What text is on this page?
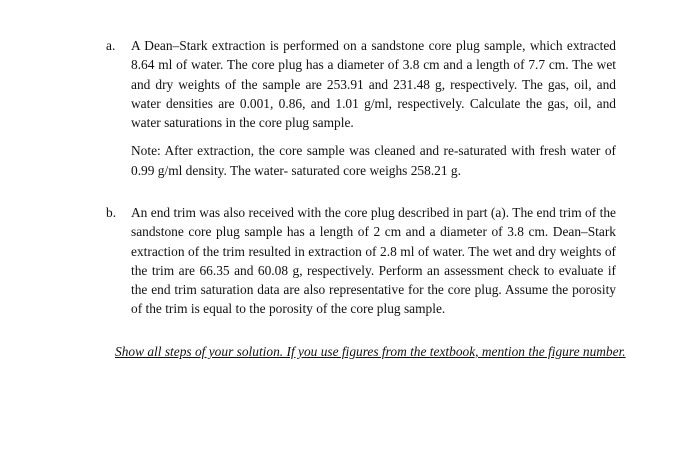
a. A Dean–Stark extraction is performed on a sandstone core plug sample, which extracted 8.64 ml of water. The core plug has a diameter of 3.8 cm and a length of 7.7 cm. The wet and dry weights of the sample are 253.91 and 231.48 g, respectively. The gas, oil, and water densities are 0.001, 0.86, and 1.01 g/ml, respectively. Calculate the gas, oil, and water saturations in the core plug sample.
Note: After extraction, the core sample was cleaned and re-saturated with fresh water of 0.99 g/ml density. The water- saturated core weighs 258.21 g.
b. An end trim was also received with the core plug described in part (a). The end trim of the sandstone core plug sample has a length of 2 cm and a diameter of 3.8 cm. Dean–Stark extraction of the trim resulted in extraction of 2.8 ml of water. The wet and dry weights of the trim are 66.35 and 60.08 g, respectively. Perform an assessment check to evaluate if the end trim saturation data are also representative for the core plug. Assume the porosity of the trim is equal to the porosity of the core plug sample.
Show all steps of your solution. If you use figures from the textbook, mention the figure number.
